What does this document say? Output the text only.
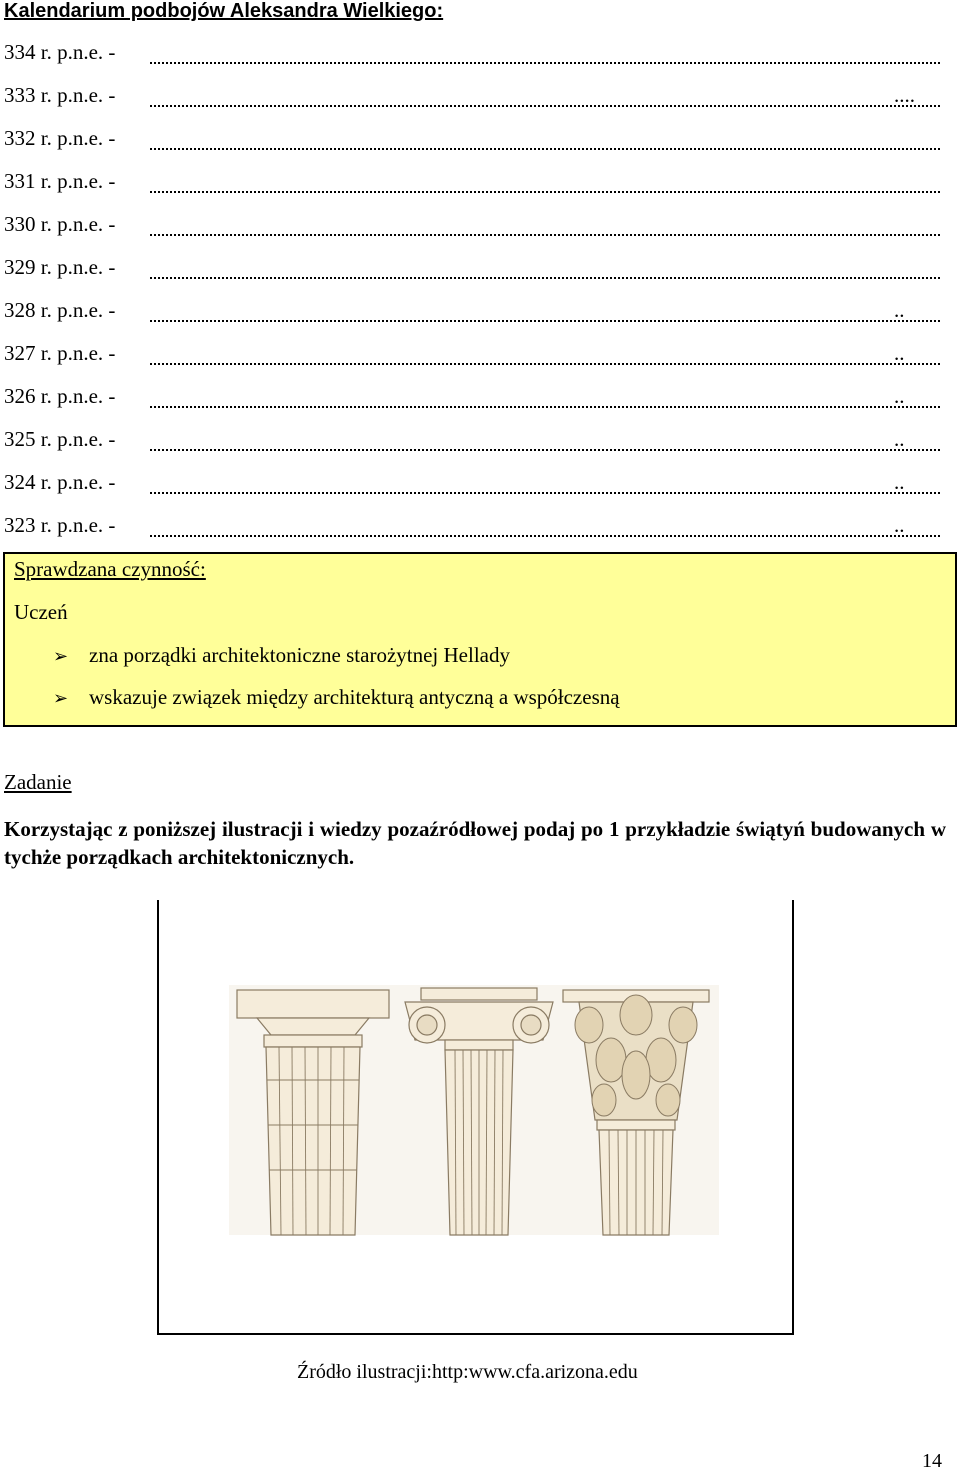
Kalendarium podbojów Aleksandra Wielkiego:
334 r. p.n.e. -
333 r. p.n.e. -	....
332 r. p.n.e. -
331 r. p.n.e. -
330 r. p.n.e. -
329 r. p.n.e. -
328 r. p.n.e. -	..
327 r. p.n.e. -	..
326 r. p.n.e. -	..
325 r. p.n.e. -	..
324 r. p.n.e. -	..
323 r. p.n.e. -	..
Sprawdzana czynność:
Uczeń
➢ zna porządki architektoniczne starożytnej Hellady
➢ wskazuje związek między architekturą antyczną a współczesną
Zadanie
Korzystając z poniższej ilustracji i wiedzy pozaźródłowej podaj po 1 przykładzie świątyń budowanych w tychże porządkach architektonicznych.
Źródło ilustracji:http:www.cfa.arizona.edu
14
